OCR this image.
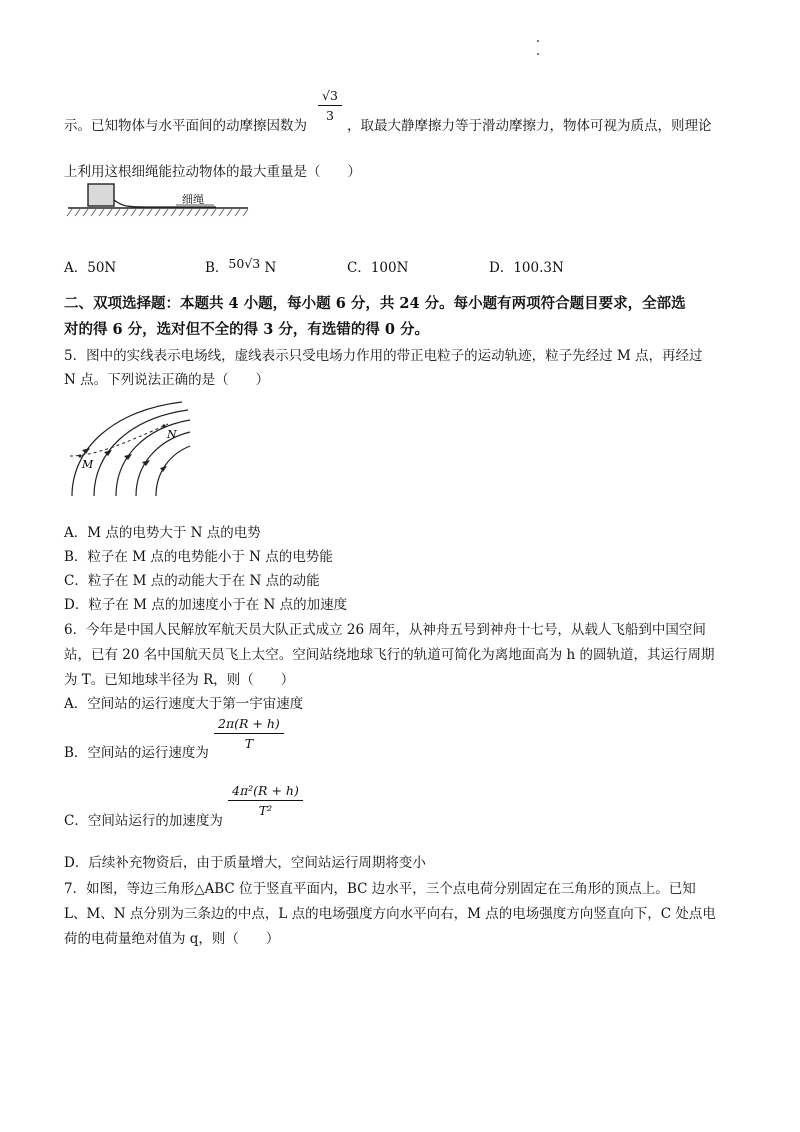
示。已知物体与水平面间的动摩擦因数为	，取最大静摩擦力等于滑动摩擦力，物体可视为质点，则理论
$\frac{√3}{3}$
上利用这根细绳能拉动物体的最大重量是（　　）
细绳
A．50N	B．50√3 N	C．100N	D．100.3N
二、双项选择题：本题共 4 小题，每小题 6 分，共 24 分。每小题有两项符合题目要求，全部选
对的得 6 分，选对但不全的得 3 分，有选错的得 0 分。
5．图中的实线表示电场线，虚线表示只受电场力作用的带正电粒子的运动轨迹，粒子先经过 M 点，再经过
N 点。下列说法正确的是（　　）
M
N
A．M 点的电势大于 N 点的电势
B．粒子在 M 点的电势能小于 N 点的电势能
C．粒子在 M 点的动能大于在 N 点的动能
D．粒子在 M 点的加速度小于在 N 点的加速度
6．今年是中国人民解放军航天员大队正式成立 26 周年，从神舟五号到神舟十七号，从载人飞船到中国空间
站，已有 20 名中国航天员飞上太空。空间站绕地球飞行的轨道可简化为离地面高为 h 的圆轨道，其运行周期
为 T。已知地球半径为 R，则（　　）
A．空间站的运行速度大于第一宇宙速度
B．空间站的运行速度为
$\frac{2\pi(R + h)}{T}$
C．空间站运行的加速度为
$\frac{\text{4π²(R + h)}}{\text{T²}}$
D．后续补充物资后，由于质量增大，空间站运行周期将变小
7．如图，等边三角形△ABC 位于竖直平面内，BC 边水平，三个点电荷分别固定在三角形的顶点上。已知
L、M、N 点分别为三条边的中点，L 点的电场强度方向水平向右，M 点的电场强度方向竖直向下，C 处点电
荷的电荷量绝对值为 q，则（　　）
